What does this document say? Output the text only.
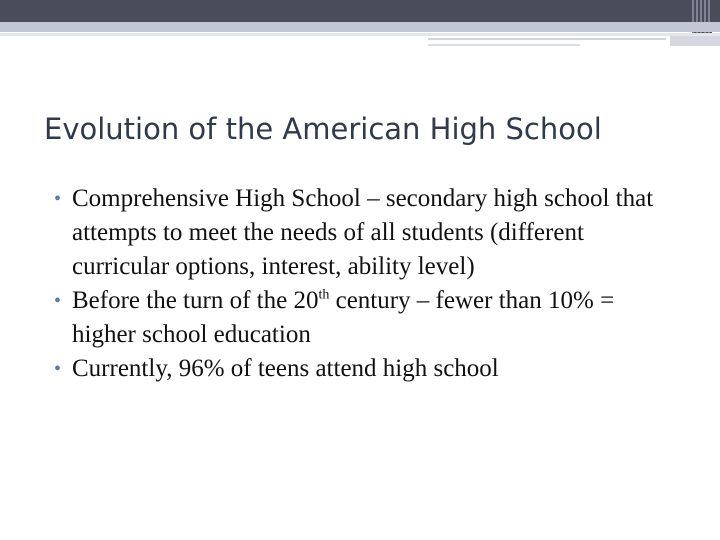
Evolution of the American High School
• Comprehensive High School – secondary high school that attempts to meet the needs of all students (different curricular options, interest, ability level)
• Before the turn of the 20th century – fewer than 10% = higher school education
• Currently, 96% of teens attend high school
